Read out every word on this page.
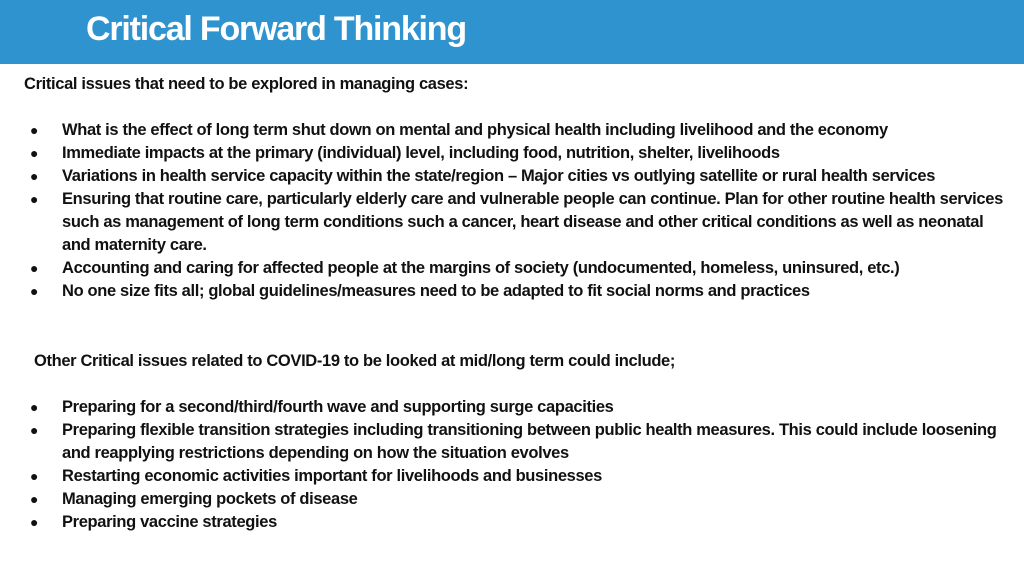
Critical Forward Thinking
Critical issues that need to be explored in managing cases:
● What is the effect of long term shut down on mental and physical health including livelihood and the economy
● Immediate impacts at the primary (individual) level, including food, nutrition, shelter, livelihoods
● Variations in health service capacity within the state/region – Major cities vs outlying satellite or rural health services
● Ensuring that routine care, particularly elderly care and vulnerable people can continue. Plan for other routine health services such as management of long term conditions such a cancer, heart disease and other critical conditions as well as neonatal and maternity care.
● Accounting and caring for affected people at the margins of society (undocumented, homeless, uninsured, etc.)
● No one size fits all; global guidelines/measures need to be adapted to fit social norms and practices
Other Critical issues related to COVID-19 to be looked at mid/long term could include;
● Preparing for a second/third/fourth wave and supporting surge capacities
● Preparing flexible transition strategies including transitioning between public health measures. This could include loosening and reapplying restrictions depending on how the situation evolves
● Restarting economic activities important for livelihoods and businesses
● Managing emerging pockets of disease
● Preparing vaccine strategies
